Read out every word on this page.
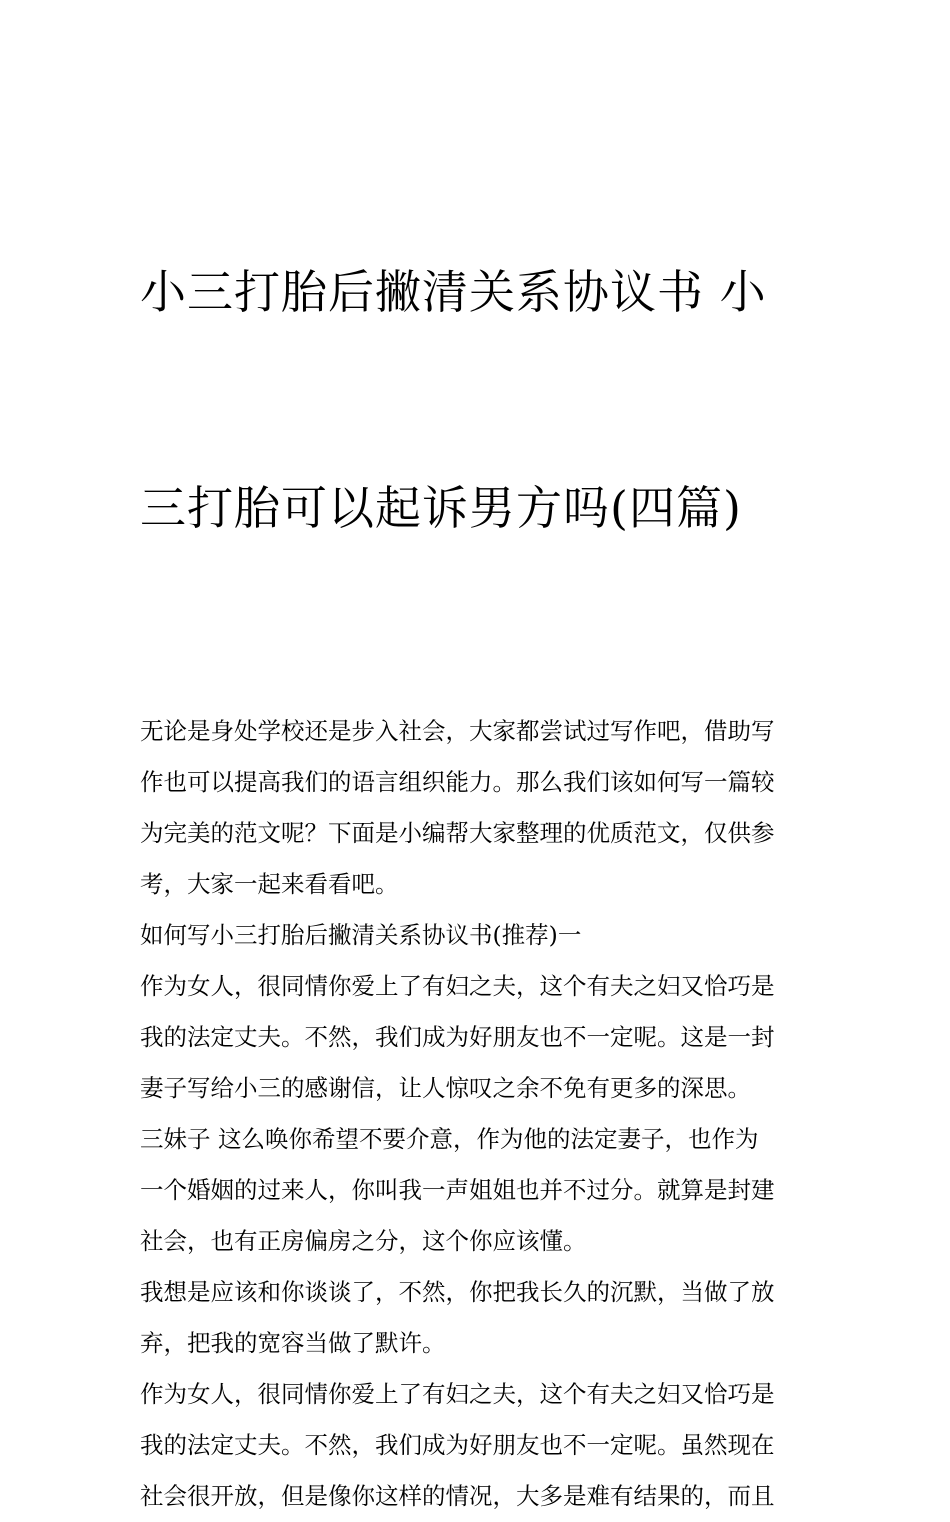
小三打胎后撇清关系协议书 小

三打胎可以起诉男方吗(四篇)

无论是身处学校还是步入社会，大家都尝试过写作吧，借助写
作也可以提高我们的语言组织能力。那么我们该如何写一篇较
为完美的范文呢？下面是小编帮大家整理的优质范文，仅供参
考，大家一起来看看吧。

如何写小三打胎后撇清关系协议书(推荐)一

作为女人，很同情你爱上了有妇之夫，这个有夫之妇又恰巧是
我的法定丈夫。不然，我们成为好朋友也不一定呢。这是一封
妻子写给小三的感谢信，让人惊叹之余不免有更多的深思。

三妹子 这么唤你希望不要介意，作为他的法定妻子，也作为
一个婚姻的过来人，你叫我一声姐姐也并不过分。就算是封建
社会，也有正房偏房之分，这个你应该懂。

我想是应该和你谈谈了，不然，你把我长久的沉默，当做了放
弃，把我的宽容当做了默许。

作为女人，很同情你爱上了有妇之夫，这个有夫之妇又恰巧是
我的法定丈夫。不然，我们成为好朋友也不一定呢。虽然现在
社会很开放，但是像你这样的情况，大多是难有结果的，而且
